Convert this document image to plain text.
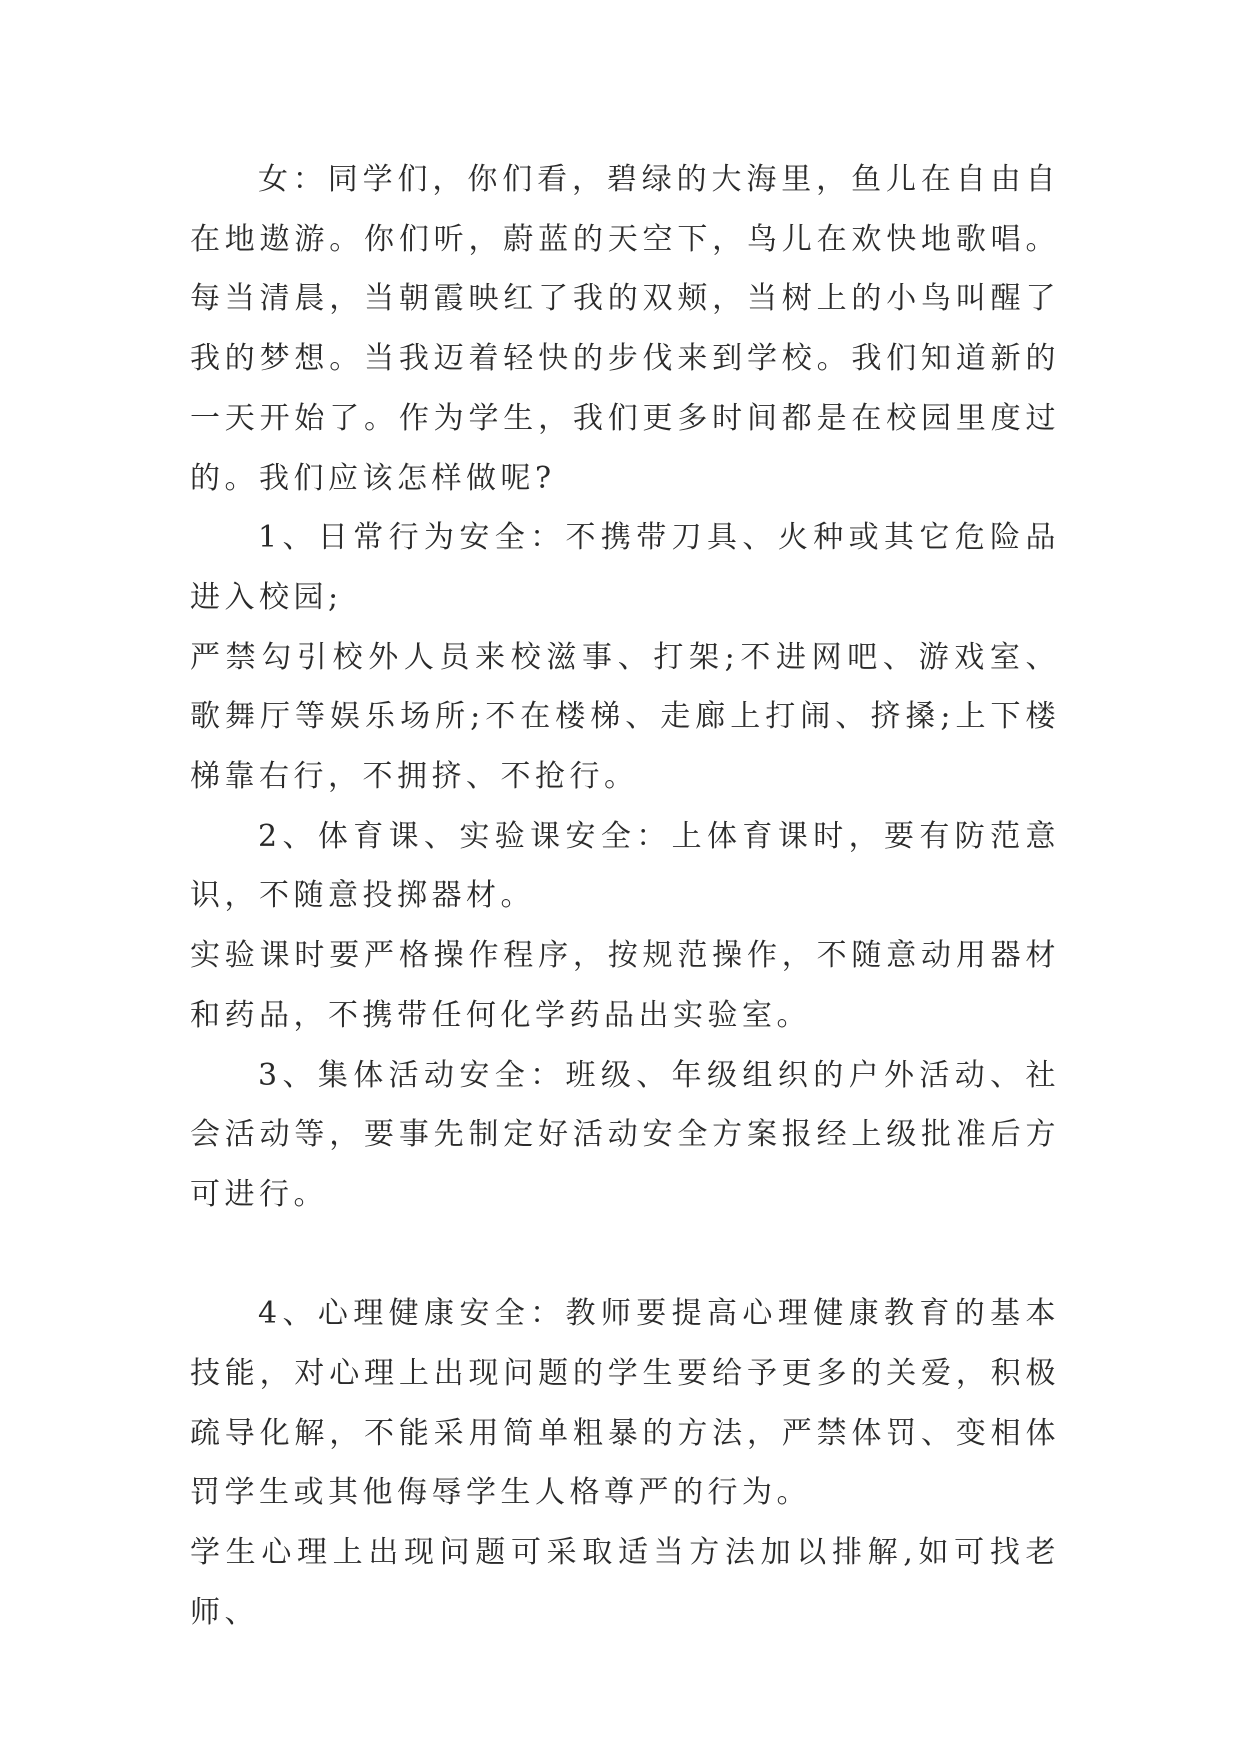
女：同学们，你们看，碧绿的大海里，鱼儿在自由自在地遨游。你们听，蔚蓝的天空下，鸟儿在欢快地歌唱。每当清晨，当朝霞映红了我的双颊，当树上的小鸟叫醒了我的梦想。当我迈着轻快的步伐来到学校。我们知道新的一天开始了。作为学生，我们更多时间都是在校园里度过的。我们应该怎样做呢?

1、日常行为安全：不携带刀具、火种或其它危险品进入校园;

严禁勾引校外人员来校滋事、打架;不进网吧、游戏室、歌舞厅等娱乐场所;不在楼梯、走廊上打闹、挤搡;上下楼梯靠右行，不拥挤、不抢行。

2、体育课、实验课安全：上体育课时，要有防范意识，不随意投掷器材。

实验课时要严格操作程序，按规范操作，不随意动用器材和药品，不携带任何化学药品出实验室。

3、集体活动安全：班级、年级组织的户外活动、社会活动等，要事先制定好活动安全方案报经上级批准后方可进行。

4、心理健康安全：教师要提高心理健康教育的基本技能，对心理上出现问题的学生要给予更多的关爱，积极疏导化解，不能采用简单粗暴的方法，严禁体罚、变相体罚学生或其他侮辱学生人格尊严的行为。

学生心理上出现问题可采取适当方法加以排解,如可找老师、
